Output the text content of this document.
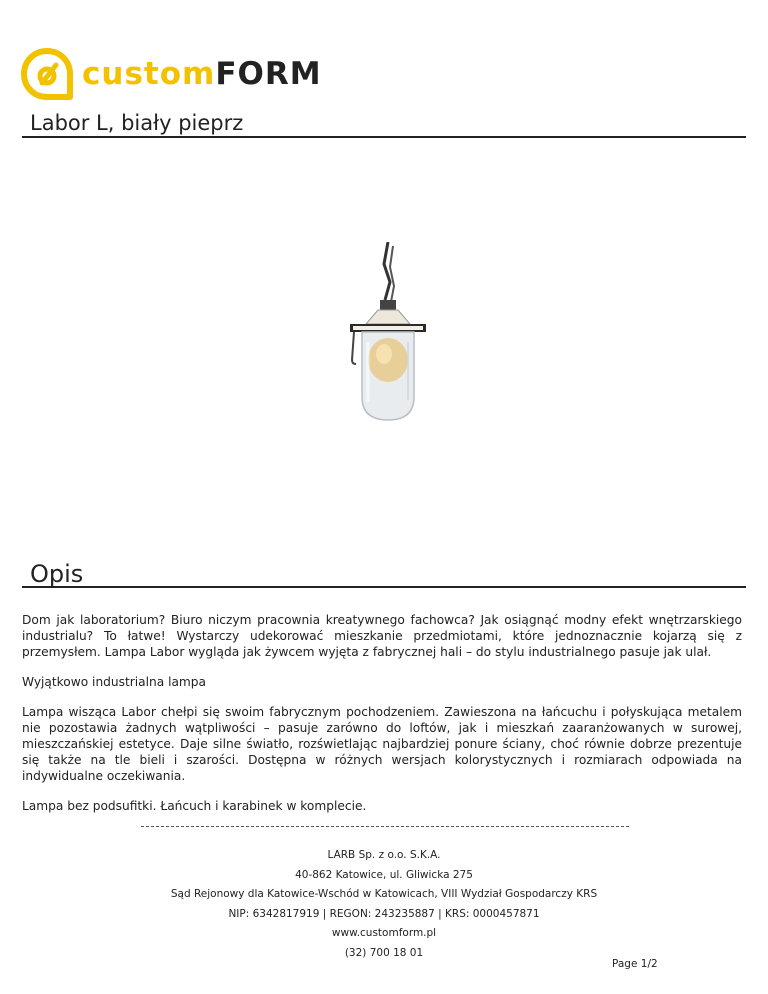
customFORM
Labor L, biały pieprz
Opis

Dom jak laboratorium? Biuro niczym pracownia kreatywnego fachowca? Jak osiągnąć modny efekt wnętrzarskiego industrialu? To łatwe! Wystarczy udekorować mieszkanie przedmiotami, które jednoznacznie kojarzą się z przemysłem. Lampa Labor wygląda jak żywcem wyjęta z fabrycznej hali – do stylu industrialnego pasuje jak ulał.

Wyjątkowo industrialna lampa

Lampa wisząca Labor chełpi się swoim fabrycznym pochodzeniem. Zawieszona na łańcuchu i połyskująca metalem nie pozostawia żadnych wątpliwości – pasuje zarówno do loftów, jak i mieszkań zaaranżowanych w surowej, mieszczańskiej estetyce. Daje silne światło, rozświetlając najbardziej ponure ściany, choć równie dobrze prezentuje się także na tle bieli i szarości. Dostępna w różnych wersjach kolorystycznych i rozmiarach odpowiada na indywidualne oczekiwania.

Lampa bez podsufitki. Łańcuch i karabinek w komplecie.

LARB Sp. z o.o. S.K.A.
40-862 Katowice, ul. Gliwicka 275
Sąd Rejonowy dla Katowice-Wschód w Katowicach, VIII Wydział Gospodarczy KRS
NIP: 6342817919 | REGON: 243235887 | KRS: 0000457871
www.customform.pl
(32) 700 18 01
Page 1/2
